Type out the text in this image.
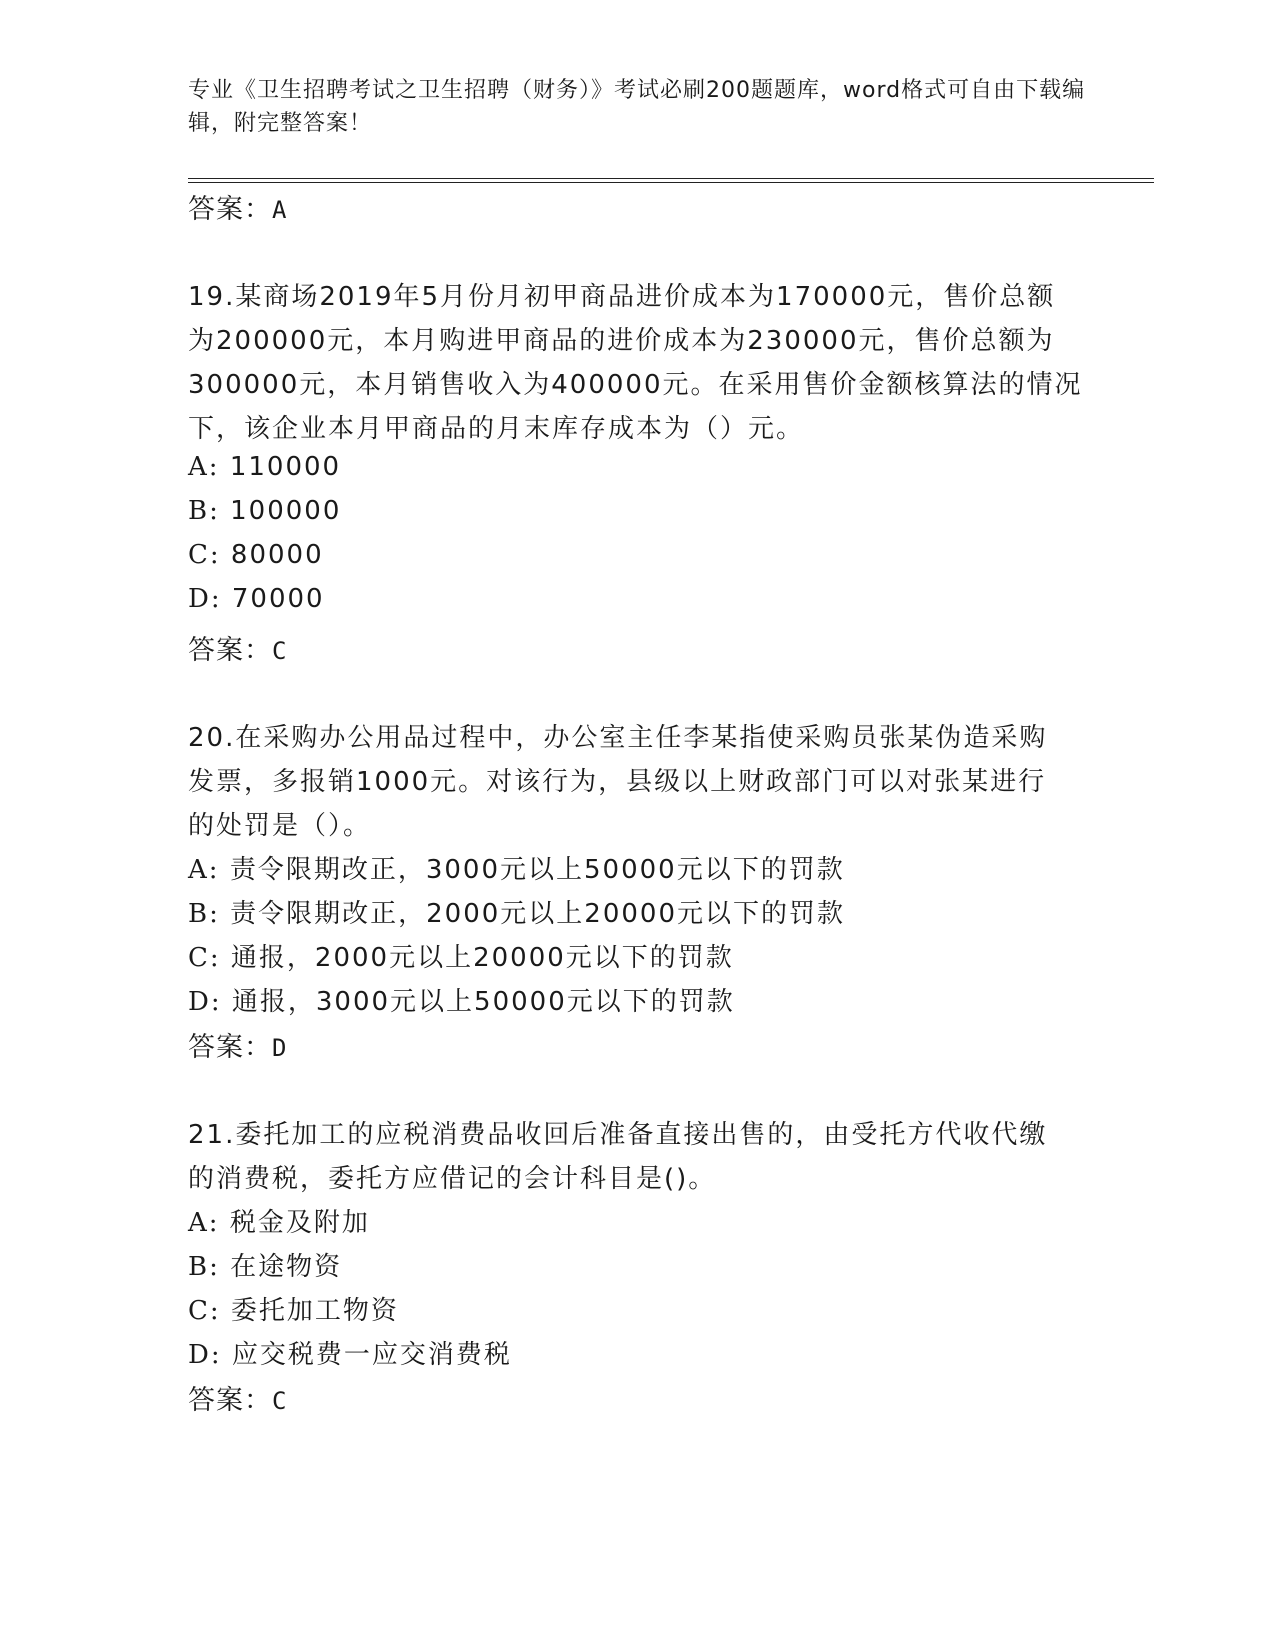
专业《卫生招聘考试之卫生招聘（财务）》考试必刷200题题库，word格式可自由下载编辑，附完整答案！
答案：A
19.某商场2019年5月份月初甲商品进价成本为170000元，售价总额
为200000元，本月购进甲商品的进价成本为230000元，售价总额为
300000元，本月销售收入为400000元。在采用售价金额核算法的情况
下，该企业本月甲商品的月末库存成本为（）元。
A: 110000
B: 100000
C: 80000
D: 70000
答案：C
20.在采购办公用品过程中，办公室主任李某指使采购员张某伪造采购
发票，多报销1000元。对该行为，县级以上财政部门可以对张某进行
的处罚是（）。
A: 责令限期改正，3000元以上50000元以下的罚款
B: 责令限期改正，2000元以上20000元以下的罚款
C: 通报，2000元以上20000元以下的罚款
D: 通报，3000元以上50000元以下的罚款
答案：D
21.委托加工的应税消费品收回后准备直接出售的，由受托方代收代缴
的消费税，委托方应借记的会计科目是()。
A: 税金及附加
B: 在途物资
C: 委托加工物资
D: 应交税费一应交消费税
答案：C
